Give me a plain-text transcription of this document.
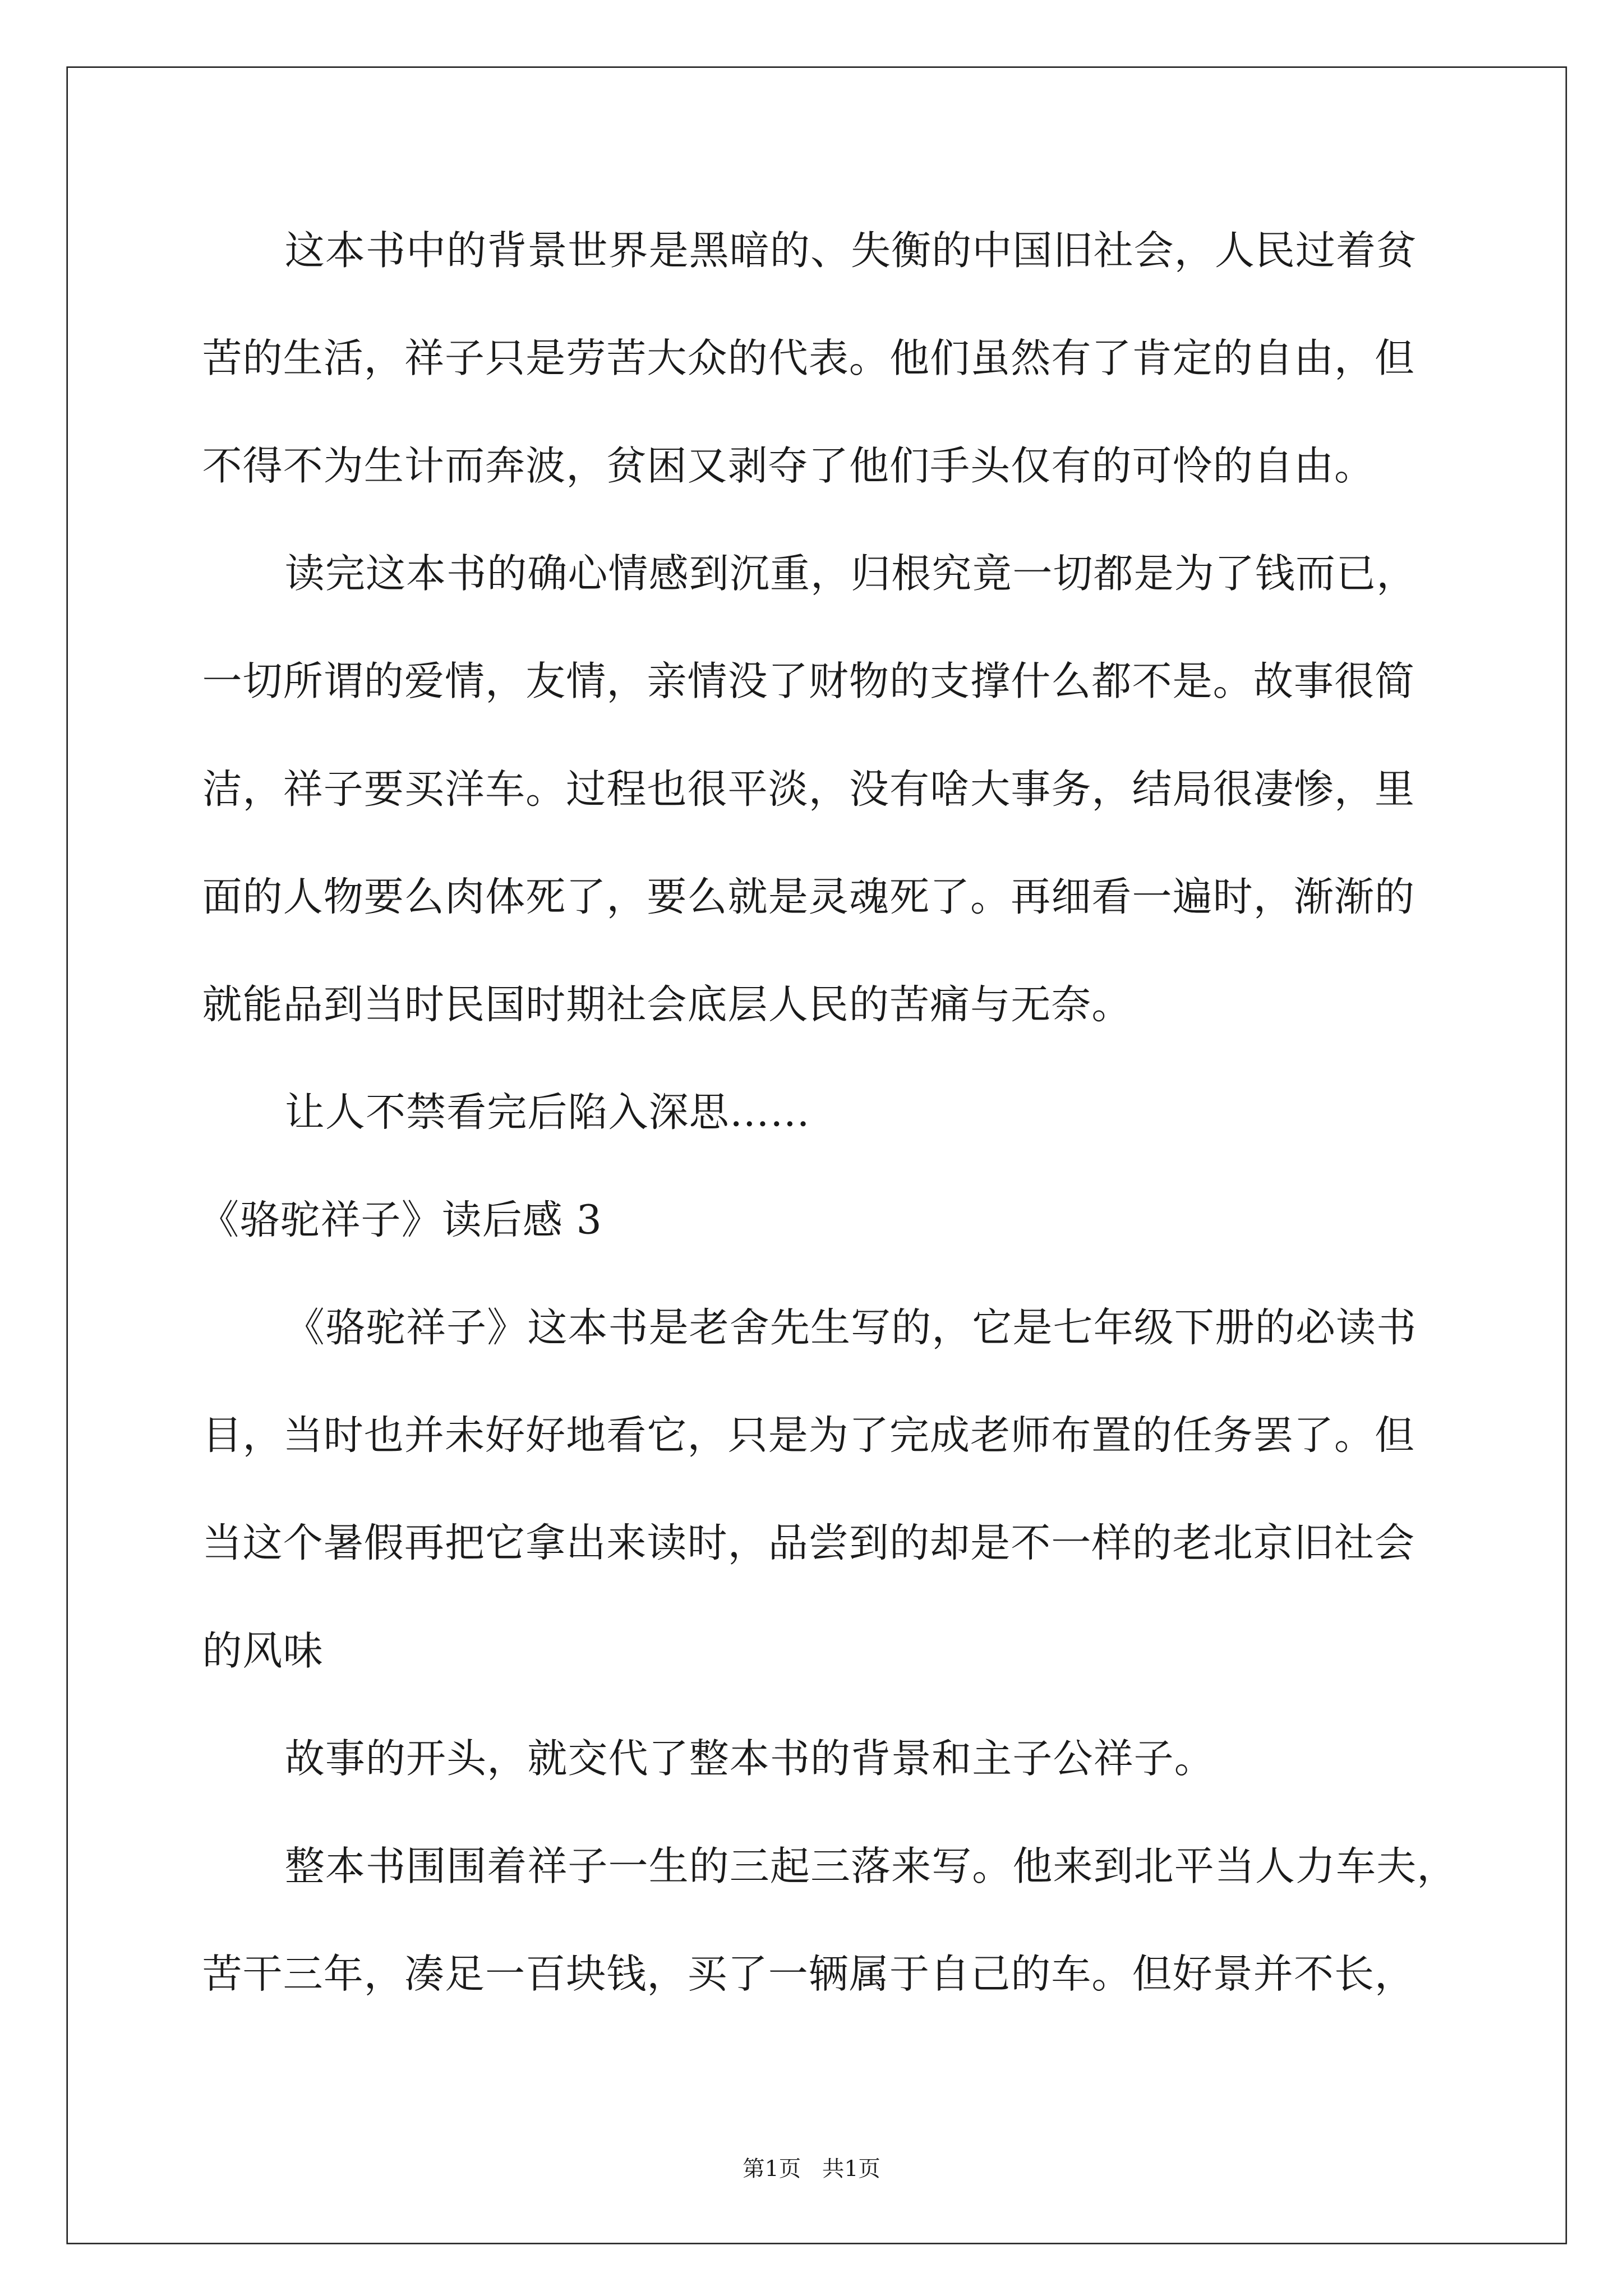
这本书中的背景世界是黑暗的、失衡的中国旧社会，人民过着贫
苦的生活，祥子只是劳苦大众的代表。他们虽然有了肯定的自由，但
不得不为生计而奔波，贫困又剥夺了他们手头仅有的可怜的自由。
读完这本书的确心情感到沉重，归根究竟一切都是为了钱而已，
一切所谓的爱情，友情，亲情没了财物的支撑什么都不是。故事很简
洁，祥子要买洋车。过程也很平淡，没有啥大事务，结局很凄惨，里
面的人物要么肉体死了，要么就是灵魂死了。再细看一遍时，渐渐的
就能品到当时民国时期社会底层人民的苦痛与无奈。
让人不禁看完后陷入深思……
《骆驼祥子》读后感 3
《骆驼祥子》这本书是老舍先生写的，它是七年级下册的必读书
目，当时也并未好好地看它，只是为了完成老师布置的任务罢了。但
当这个暑假再把它拿出来读时，品尝到的却是不一样的老北京旧社会
的风味
故事的开头，就交代了整本书的背景和主子公祥子。
整本书围围着祥子一生的三起三落来写。他来到北平当人力车夫，
苦干三年，凑足一百块钱，买了一辆属于自己的车。但好景并不长，
第1页   共1页
